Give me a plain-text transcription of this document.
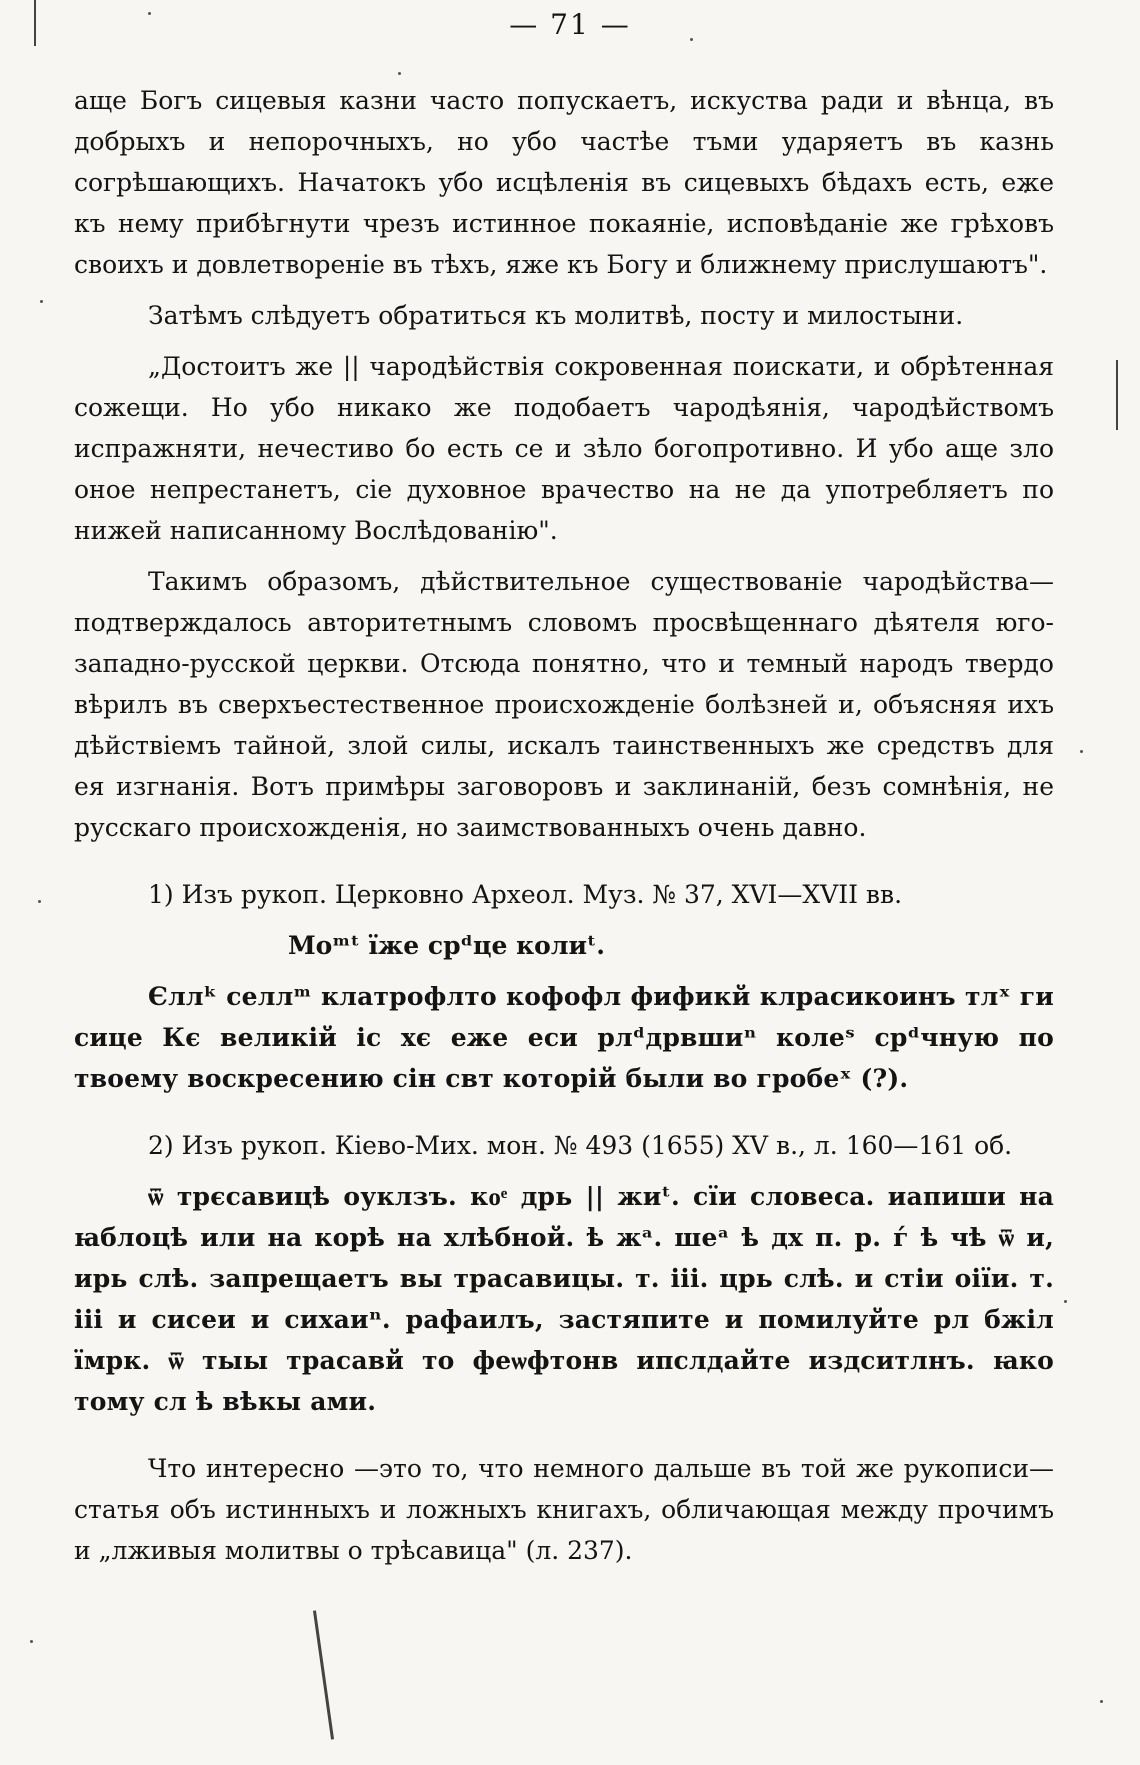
— 71 —

аще Богъ сицевыя казни часто попускаетъ, искуства ради и вѣнца, въ добрыхъ и непорочныхъ, но убо частѣе тъми ударяетъ въ казнь согрѣшающихъ. Начатокъ убо исцѣленія въ сицевыхъ бѣдахъ есть, еже къ нему прибѣгнути чрезъ истинное покаяніе, исповѣданіе же грѣховъ своихъ и довлетвореніе въ тѣхъ, яже къ Богу и ближнему прислушаютъ".

Затѣмъ слѣдуетъ обратиться къ молитвѣ, посту и милостыни.

„Достоитъ же || чародѣйствія сокровенная поискати, и обрѣтенная сожещи. Но убо никако же подобаетъ чародѣянія, чародѣйствомъ испражняти, нечестиво бо есть се и зѣло богопротивно. И убо аще зло оное непрестанетъ, сіе духовное врачество на не да употребляетъ по нижей написанному Вослѣдованію".

Такимъ образомъ, дѣйствительное существованіе чародѣйства— подтверждалось авторитетнымъ словомъ просвѣщеннаго дѣятеля юго-западно-русской церкви. Отсюда понятно, что и темный народъ твердо вѣрилъ въ сверхъестественное происхожденіе болѣзней и, объясняя ихъ дѣйствіемъ тайной, злой силы, искалъ таинственныхъ же средствъ для ея изгнанія. Вотъ примѣры заговоровъ и заклинаній, безъ сомнѣнія, не русскаго происхожденія, но заимствованныхъ очень давно.

1) Изъ рукоп. Церковно Археол. Муз. № 37, XVI—XVII вв.

Моᵐᵗ їже срᵈце колиᵗ.

Єллᵏ селлᵐ клатрофлто кофофл фификй клрасикоинъ тлˣ ги сице Кє великій ic хє еже еси рлᵈдрвшиⁿ колеˢ срᵈчную по твоему воскресению сін свт которій были во гробеˣ (?).

2) Изъ рукоп. Кіево-Мих. мон. № 493 (1655) XV в., л. 160—161 об.

ѿ трєсавицѣ оуклзъ. коͤ дрь || жиᵗ. сїи словеса. иапиши на ꙗблоцѣ или на корѣ на хлѣбной. ѣ жᵃ. шеᵃ ѣ дх п. р. ѓ ѣ чѣ ѿ и, ирь слѣ. запрещаетъ вы трасавицы. т. ііі. црь слѣ. и стіи оіїи. т. ііі и сисеи и сихаиⁿ. рафаилъ, застяпите и помилуйте рл бжіл їмрк. ѿ тыы трасавй то феѡфтонв ипслдайте издситлнъ. ꙗко тому сл ѣ вѣкы ами.

Что интересно —это то, что немного дальше въ той же рукописи—статья объ истинныхъ и ложныхъ книгахъ, обличающая между прочимъ и „лживыя молитвы о трѣсавица" (л. 237).
